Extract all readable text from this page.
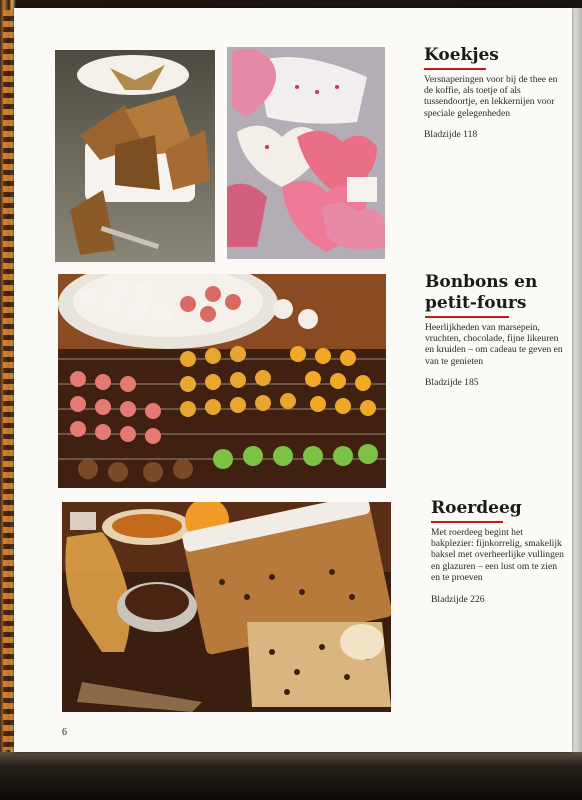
Koekjes

Versnaperingen voor bij de thee en de koffie, als toetje of als tussendoortje, en lekkernijen voor speciale gelegenheden

Bladzijde 118
Bonbons en petit-fours

Heerlijkheden van marsepein, vruchten, chocolade, fijne likeuren en kruiden – om cadeau te geven en van te genieten

Bladzijde 185
Roerdeeg

Met roerdeeg begint het bakplezier: fijnkorrelig, smakelijk baksel met overheerlijke vullingen en glazuren – een lust om te zien en te proeven

Bladzijde 226
6
